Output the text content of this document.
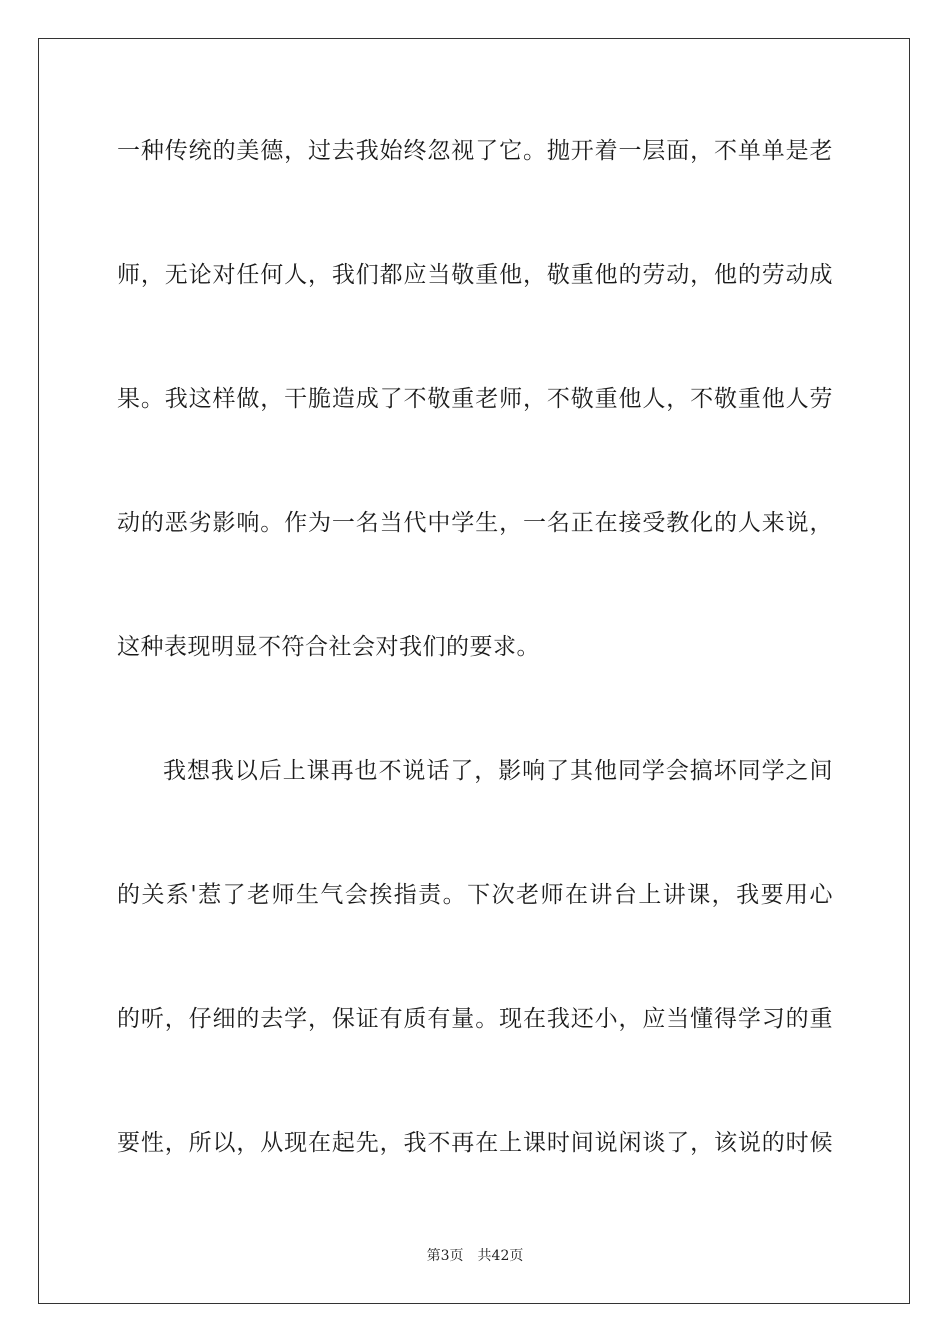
一种传统的美德，过去我始终忽视了它。抛开着一层面，不单单是老
师，无论对任何人，我们都应当敬重他，敬重他的劳动，他的劳动成
果。我这样做，干脆造成了不敬重老师，不敬重他人，不敬重他人劳
动的恶劣影响。作为一名当代中学生，一名正在接受教化的人来说，
这种表现明显不符合社会对我们的要求。
我想我以后上课再也不说话了，影响了其他同学会搞坏同学之间
的关系'惹了老师生气会挨指责。下次老师在讲台上讲课，我要用心
的听，仔细的去学，保证有质有量。现在我还小，应当懂得学习的重
要性，所以，从现在起先，我不再在上课时间说闲谈了，该说的时候
第3页 共42页
